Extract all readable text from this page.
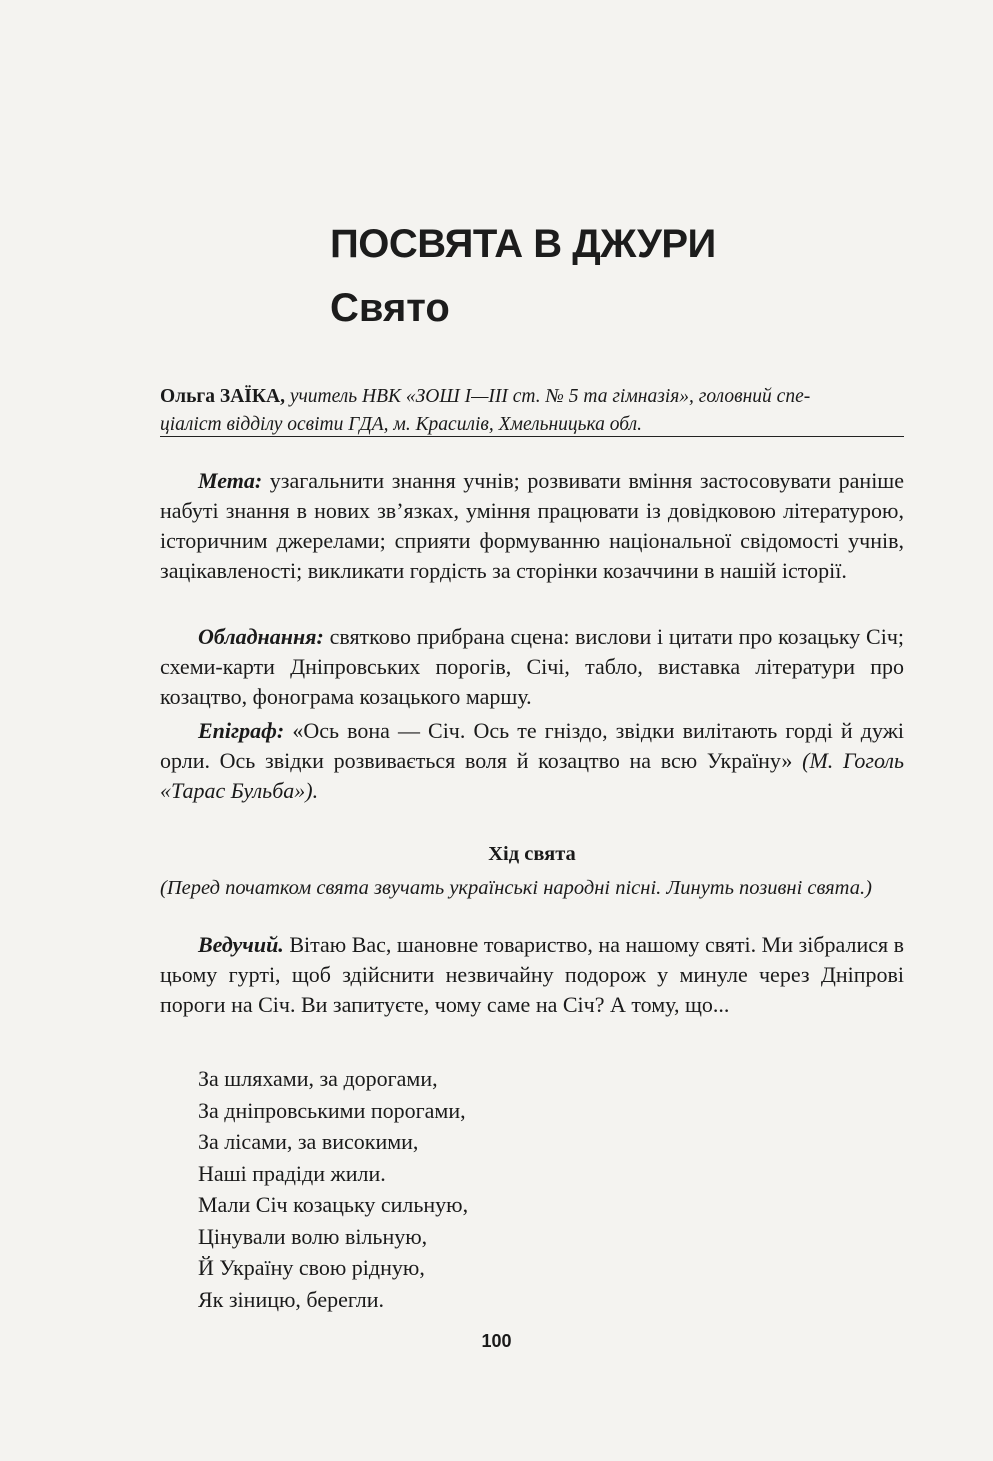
ПОСВЯТА В ДЖУРИ
Свято
Ольга ЗАЇКА, учитель НВК «ЗОШ І—ІІІ ст. № 5 та гімназія», головний спе-
ціаліст відділу освіти ГДА, м. Красилів, Хмельницька обл.

Мета: узагальнити знання учнів; розвивати вміння застосовувати раніше набуті знання в нових зв’язках, уміння працювати із довідковою літературою, історичним джерелами; сприяти формуванню національної свідомості учнів, зацікавленості; викликати гордість за сторінки козаччини в нашій історії.

Обладнання: святково прибрана сцена: вислови і цитати про козацьку Січ; схеми-карти Дніпровських порогів, Січі, табло, виставка літератури про козацтво, фонограма козацького маршу.

Епіграф: «Ось вона — Січ. Ось те гніздо, звідки вилітають горді й дужі орли. Ось звідки розвивається воля й козацтво на всю Україну» (М. Гоголь «Тарас Бульба»).

Хід свята
(Перед початком свята звучать українські народні пісні. Линуть позивні свята.)

Ведучий. Вітаю Вас, шановне товариство, на нашому святі. Ми зібралися в цьому гурті, щоб здійснити незвичайну подорож у минуле через Дніпрові пороги на Січ. Ви запитуєте, чому саме на Січ? А тому, що...

За шляхами, за дорогами,
За дніпровськими порогами,
За лісами, за високими,
Наші прадіди жили.
Мали Січ козацьку сильную,
Цінували волю вільную,
Й Україну свою рідную,
Як зіницю, берегли.
100
